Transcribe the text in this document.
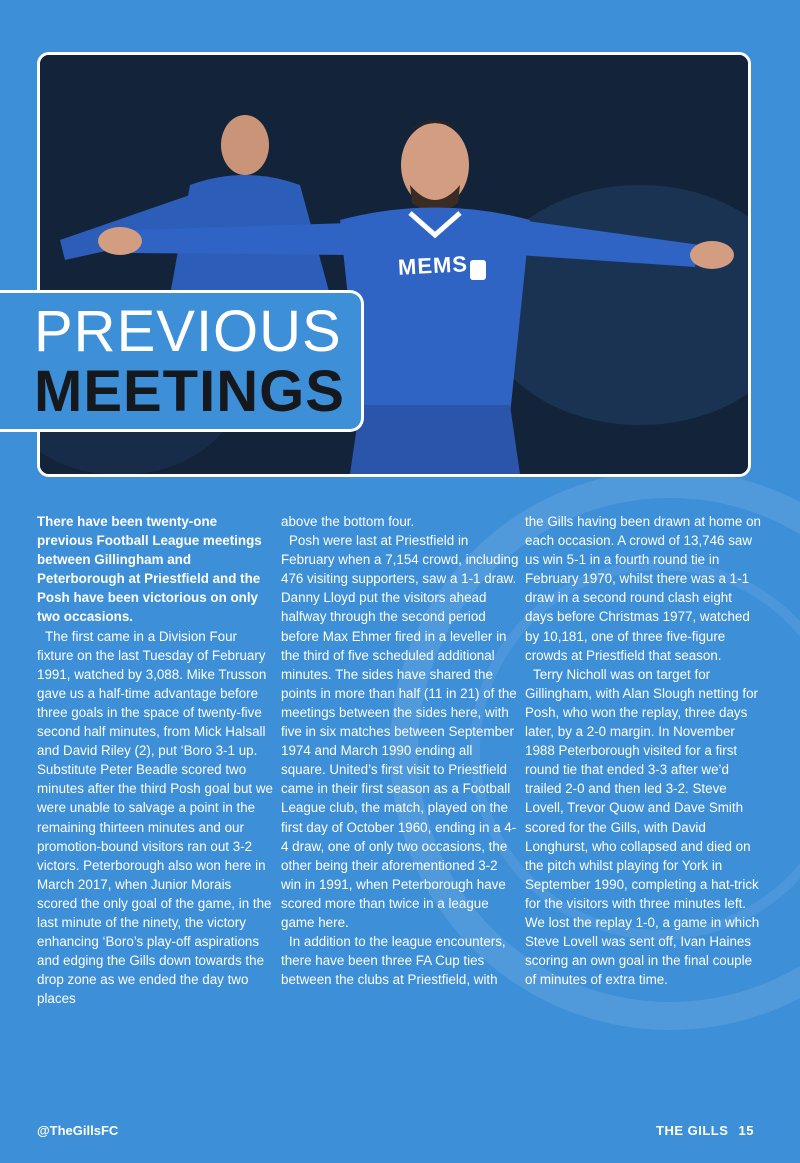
MEMS
PREVIOUS
MEETINGS

There have been twenty-one previous Football League meetings between Gillingham and Peterborough at Priestfield and the Posh have been victorious on only two occasions.

The first came in a Division Four fixture on the last Tuesday of February 1991, watched by 3,088. Mike Trusson gave us a half-time advantage before three goals in the space of twenty-five second half minutes, from Mick Halsall and David Riley (2), put ‘Boro 3-1 up. Substitute Peter Beadle scored two minutes after the third Posh goal but we were unable to salvage a point in the remaining thirteen minutes and our promotion-bound visitors ran out 3-2 victors. Peterborough also won here in March 2017, when Junior Morais scored the only goal of the game, in the last minute of the ninety, the victory enhancing ‘Boro’s play-off aspirations and edging the Gills down towards the drop zone as we ended the day two places

above the bottom four.

Posh were last at Priestfield in February when a 7,154 crowd, including 476 visiting supporters, saw a 1-1 draw. Danny Lloyd put the visitors ahead halfway through the second period before Max Ehmer fired in a leveller in the third of five scheduled additional minutes. The sides have shared the points in more than half (11 in 21) of the meetings between the sides here, with five in six matches between September 1974 and March 1990 ending all square. United’s first visit to Priestfield came in their first season as a Football League club, the match, played on the first day of October 1960, ending in a 4-4 draw, one of only two occasions, the other being their aforementioned 3-2 win in 1991, when Peterborough have scored more than twice in a league game here.

In addition to the league encounters, there have been three FA Cup ties between the clubs at Priestfield, with

the Gills having been drawn at home on each occasion. A crowd of 13,746 saw us win 5-1 in a fourth round tie in February 1970, whilst there was a 1-1 draw in a second round clash eight days before Christmas 1977, watched by 10,181, one of three five-figure crowds at Priestfield that season.

Terry Nicholl was on target for Gillingham, with Alan Slough netting for Posh, who won the replay, three days later, by a 2-0 margin. In November 1988 Peterborough visited for a first round tie that ended 3-3 after we’d trailed 2-0 and then led 3-2. Steve Lovell, Trevor Quow and Dave Smith scored for the Gills, with David Longhurst, who collapsed and died on the pitch whilst playing for York in September 1990, completing a hat-trick for the visitors with three minutes left. We lost the replay 1-0, a game in which Steve Lovell was sent off, Ivan Haines scoring an own goal in the final couple of minutes of extra time.

@TheGillsFC	THE GILLS 15
